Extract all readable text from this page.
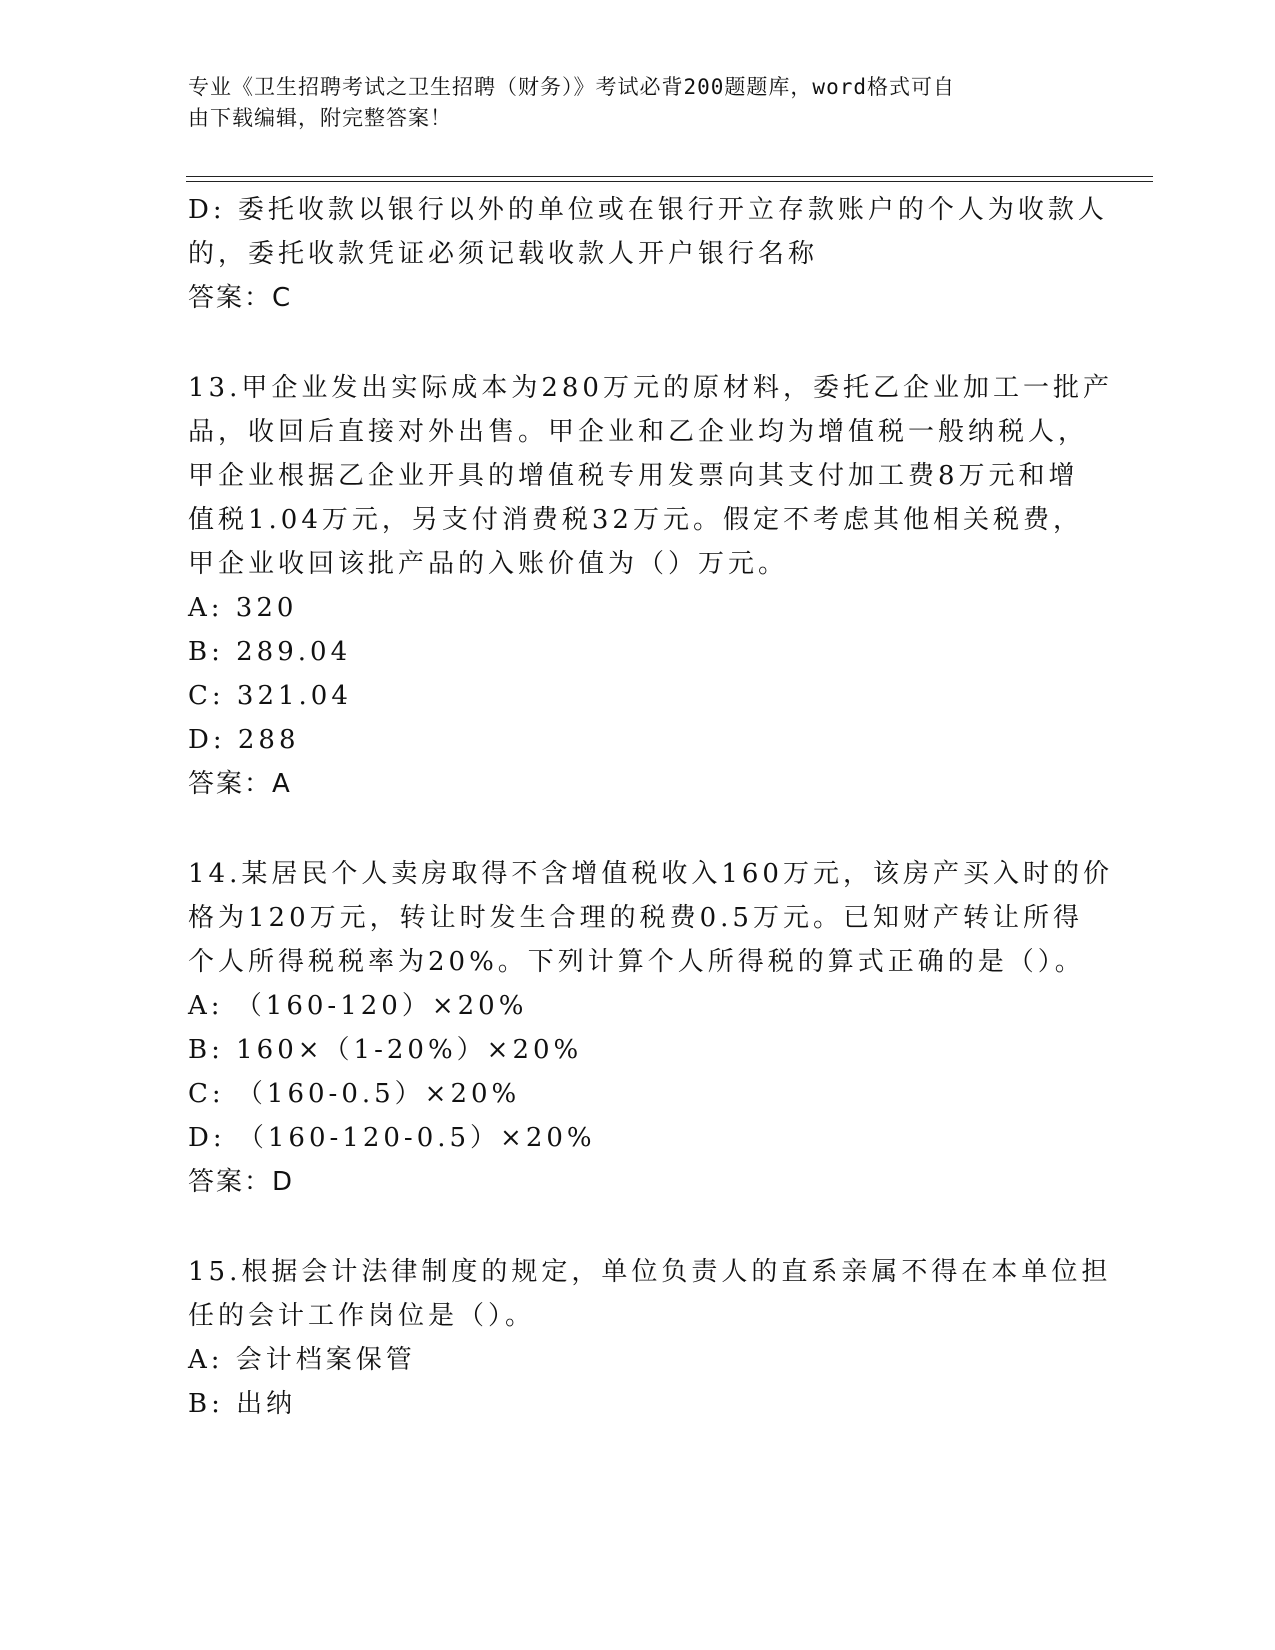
专业《卫生招聘考试之卫生招聘（财务）》考试必背200题题库，word格式可自
由下载编辑，附完整答案！
D: 委托收款以银行以外的单位或在银行开立存款账户的个人为收款人
的，委托收款凭证必须记载收款人开户银行名称
答案：C
13.甲企业发出实际成本为280万元的原材料，委托乙企业加工一批产
品，收回后直接对外出售。甲企业和乙企业均为增值税一般纳税人，
甲企业根据乙企业开具的增值税专用发票向其支付加工费8万元和增
值税1.04万元，另支付消费税32万元。假定不考虑其他相关税费，
甲企业收回该批产品的入账价值为（）万元。
A: 320
B: 289.04
C: 321.04
D: 288
答案：A
14.某居民个人卖房取得不含增值税收入160万元，该房产买入时的价
格为120万元，转让时发生合理的税费0.5万元。已知财产转让所得
个人所得税税率为20%。下列计算个人所得税的算式正确的是（）。
A: （160-120）×20%
B: 160×（1-20%）×20%
C: （160-0.5）×20%
D: （160-120-0.5）×20%
答案：D
15.根据会计法律制度的规定，单位负责人的直系亲属不得在本单位担
任的会计工作岗位是（）。
A: 会计档案保管
B: 出纳
